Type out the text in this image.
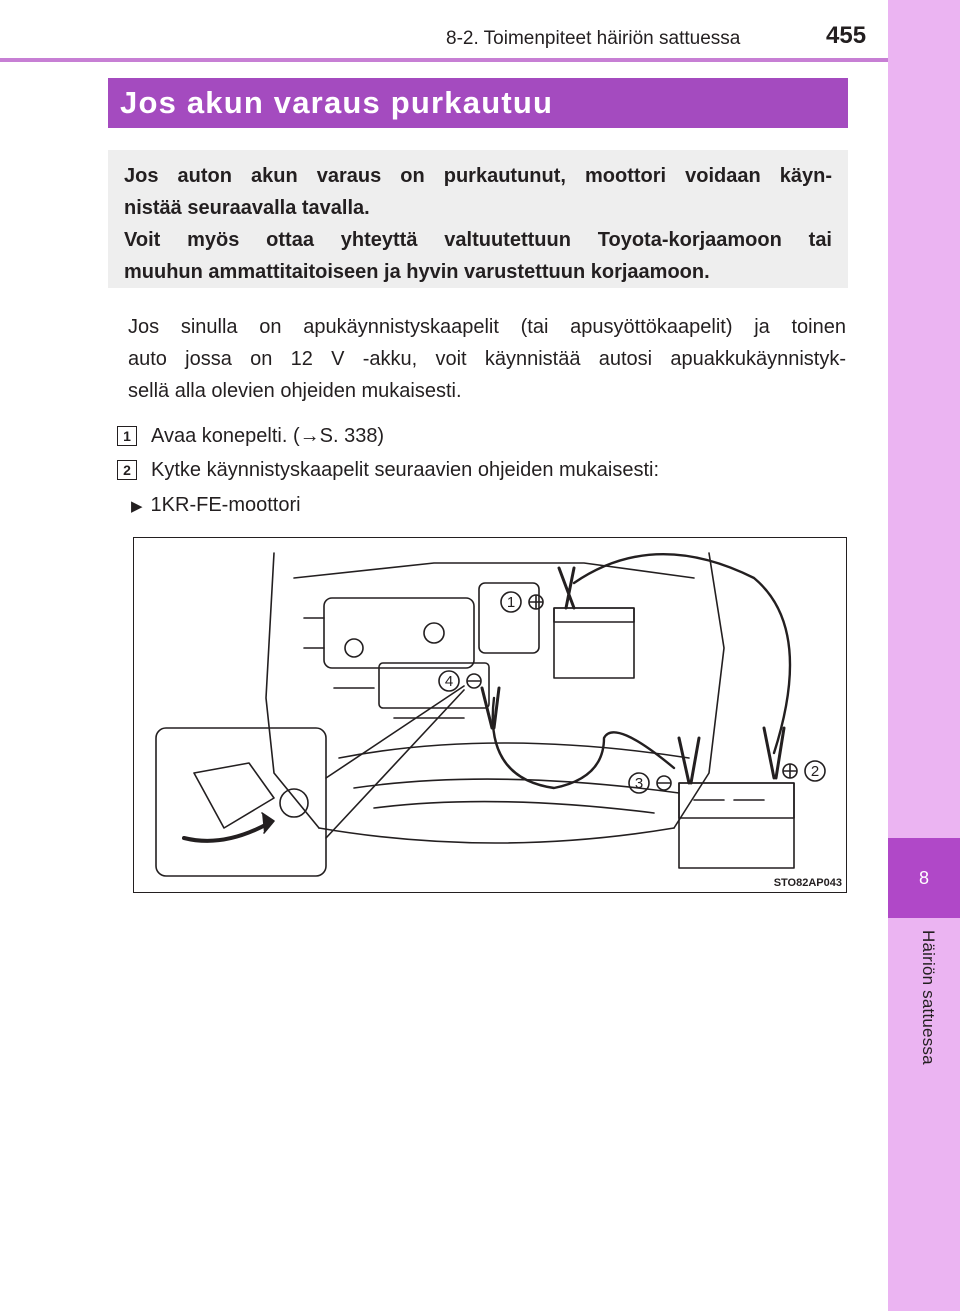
8-2. Toimenpiteet häiriön sattuessa	455
8
Häiriön sattuessa
Jos akun varaus purkautuu

Jos auton akun varaus on purkautunut, moottori voidaan käyn-

nistää seuraavalla tavalla.

Voit myös ottaa yhteyttä valtuutettuun Toyota-korjaamoon tai

muuhun ammattitaitoiseen ja hyvin varustettuun korjaamoon.

Jos sinulla on apukäynnistyskaapelit (tai apusyöttökaapelit) ja toinen
auto jossa on 12 V -akku, voit käynnistää autosi apuakkukäynnistyk-
sellä alla olevien ohjeiden mukaisesti.

1	Avaa konepelti. (→S. 338)
2	Kytke käynnistyskaapelit seuraavien ohjeiden mukaisesti:
▶ 1KR-FE-moottori
1
2
3
4
STO82AP043
